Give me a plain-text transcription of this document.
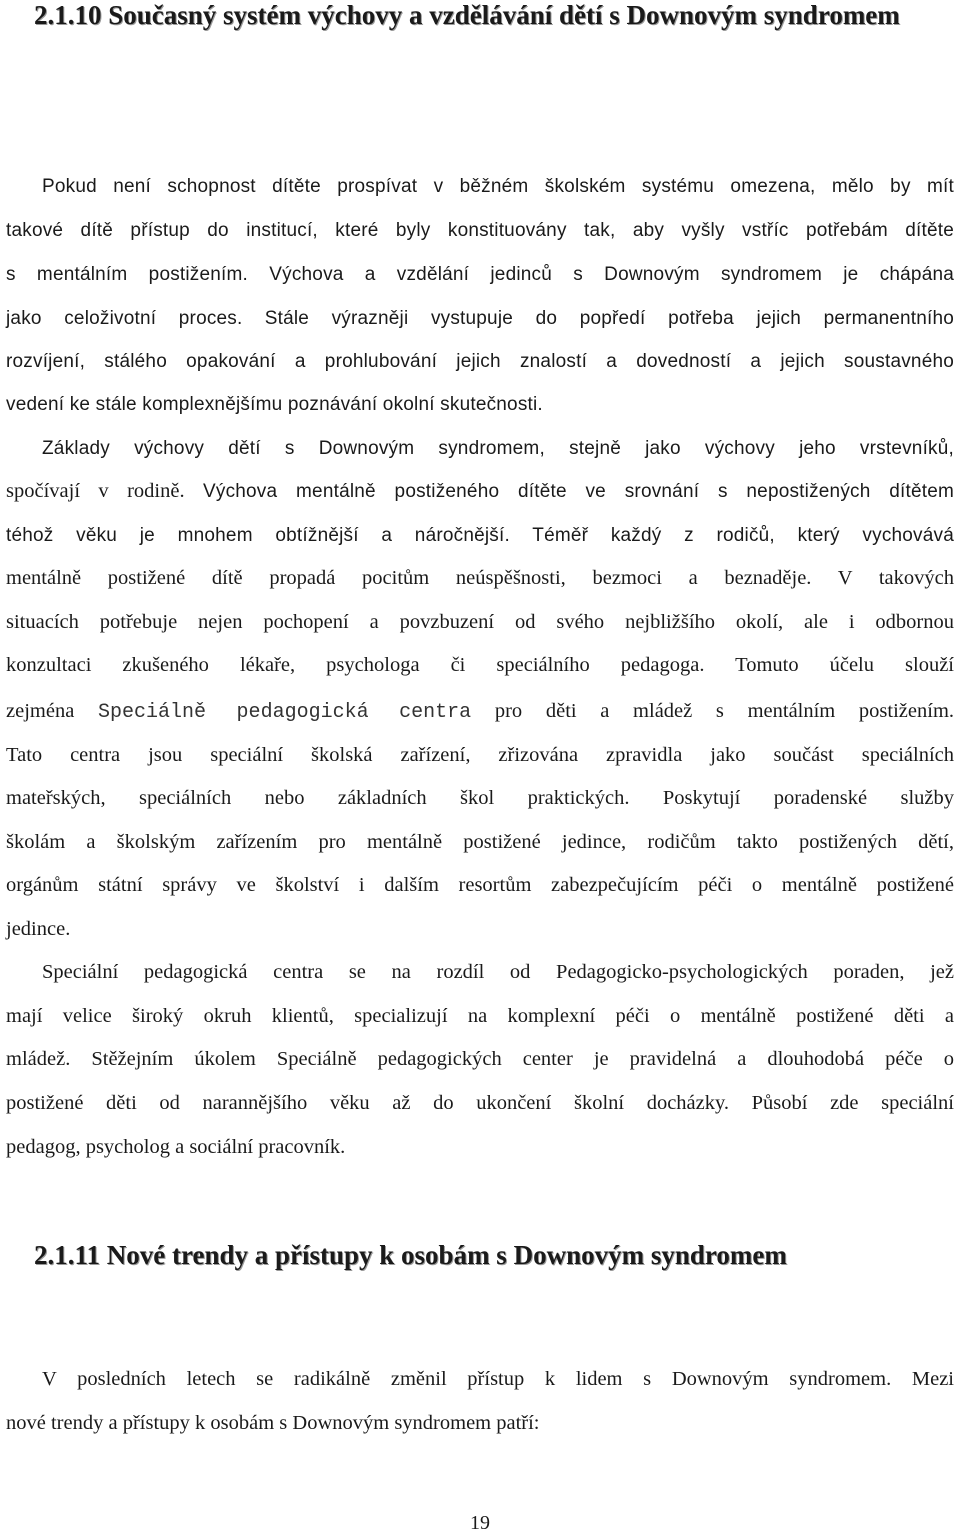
2.1.10 Současný systém výchovy a vzdělávání dětí s Downovým syndromem
Pokud není schopnost dítěte prospívat v běžném školském systému omezena, mělo by mít
takové dítě přístup do institucí, které byly konstituovány tak, aby vyšly vstříc potřebám dítěte
s mentálním postižením. Výchova a vzdělání jedinců s Downovým syndromem je chápána
jako celoživotní proces. Stále výrazněji vystupuje do popředí potřeba jejich permanentního
rozvíjení, stálého opakování a prohlubování jejich znalostí a dovedností a jejich soustavného
vedení ke stále komplexnějšímu poznávání okolní skutečnosti.
Základy výchovy dětí s Downovým syndromem, stejně jako výchovy jeho vrstevníků,
spočívají v rodině. Výchova mentálně postiženého dítěte ve srovnání s nepostižených dítětem
téhož věku je mnohem obtížnější a náročnější. Téměř každý z rodičů, který vychovává
mentálně postižené dítě propadá pocitům neúspěšnosti, bezmoci a beznaděje. V takových
situacích potřebuje nejen pochopení a povzbuzení od svého nejbližšího okolí, ale i odbornou
konzultaci zkušeného lékaře, psychologa či speciálního pedagoga. Tomuto účelu slouží
zejména Speciálně pedagogická centra pro děti a mládež s mentálním postižením.
Tato centra jsou speciální školská zařízení, zřizována zpravidla jako součást speciálních
mateřských, speciálních nebo základních škol praktických. Poskytují poradenské služby
školám a školským zařízením pro mentálně postižené jedince, rodičům takto postižených dětí,
orgánům státní správy ve školství i dalším resortům zabezpečujícím péči o mentálně postižené
jedince.
Speciální pedagogická centra se na rozdíl od Pedagogicko-psychologických poraden, jež
mají velice široký okruh klientů, specializují na komplexní péči o mentálně postižené děti a
mládež. Stěžejním úkolem Speciálně pedagogických center je pravidelná a dlouhodobá péče o
postižené děti od narannějšího věku až do ukončení školní docházky. Působí zde speciální
pedagog, psycholog a sociální pracovník.
2.1.11 Nové trendy a přístupy k osobám s Downovým syndromem
V posledních letech se radikálně změnil přístup k lidem s Downovým syndromem. Mezi
nové trendy a přístupy k osobám s Downovým syndromem patří:
19
